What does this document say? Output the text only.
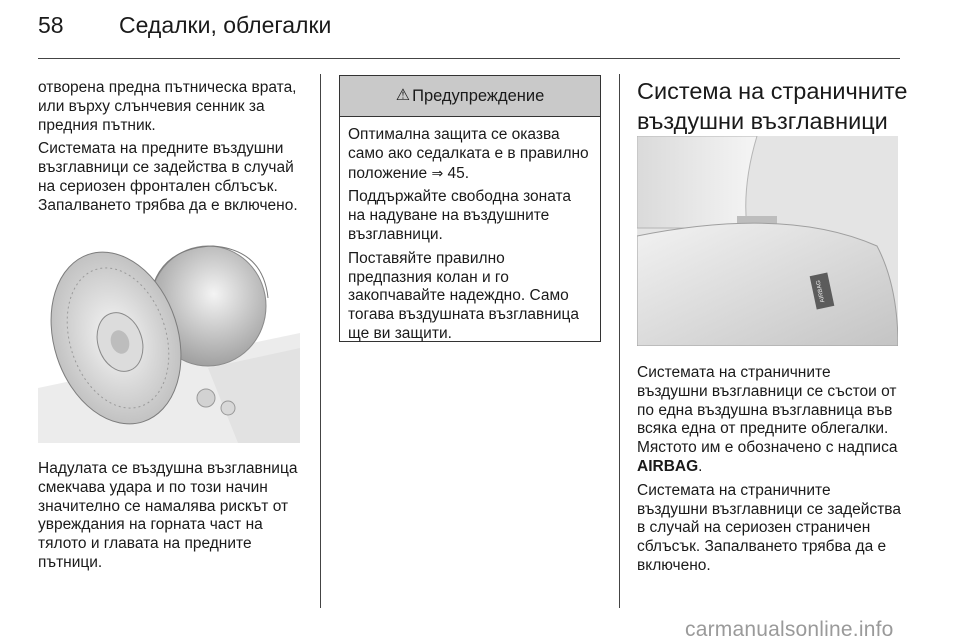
58 Седалки, облегалки

отворена предна пътническа врата, или върху слънчевия сенник за предния пътник.

Системата на предните въздушни възглавници се задейства в случай на сериозен фронтален сблъсък. Запалването трябва да е включено.

Надулата се въздушна възглавница смекчава удара и по този начин значително се намалява рискът от увреждания на горната част на тялото и главата на предните пътници.

⚠ Предупреждение

Оптимална защита се оказва само ако седалката е в правилно положение ⇒ 45.

Поддържайте свободна зоната на надуване на въздушните възглавници.

Поставяйте правилно предпазния колан и го закопчавайте надеждно. Само тогава въздушната възглавница ще ви защити.

Система на страничните въздушни възглавници
AIRBAG

Системата на страничните въздушни възглавници се състои от по една въздушна възглавница във всяка една от предните облегалки. Мястото им е обозначено с надписа AIRBAG.

Системата на страничните въздушни възглавници се задейства в случай на сериозен страничен сблъсък. Запалването трябва да е включено.

carmanualsonline.info
